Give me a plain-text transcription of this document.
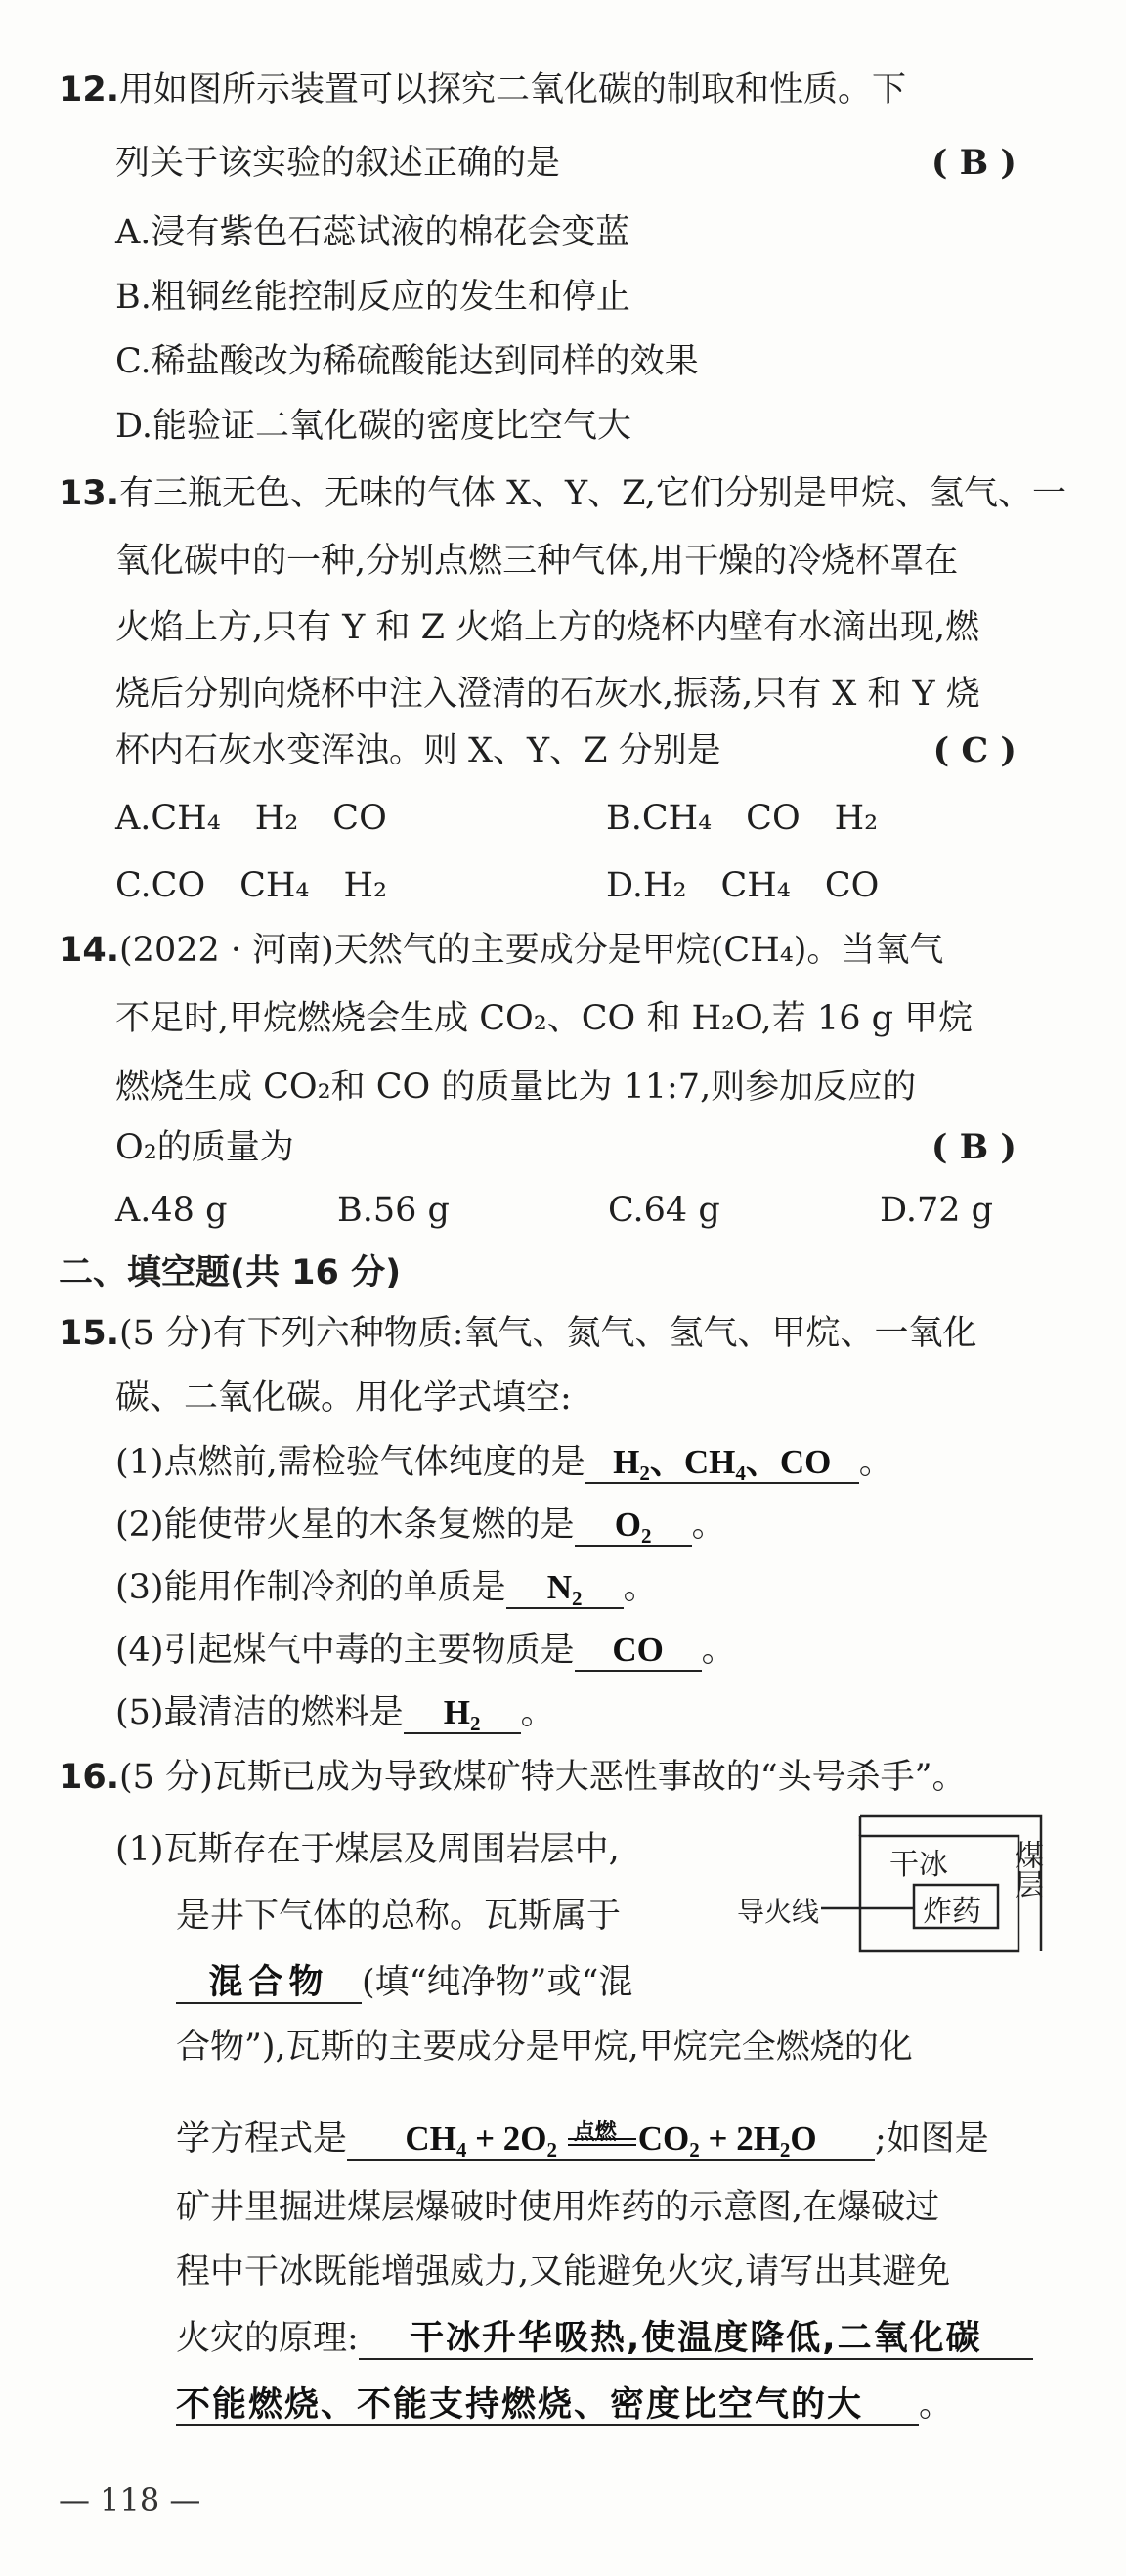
12.用如图所示装置可以探究二氧化碳的制取和性质。下
列关于该实验的叙述正确的是	( B )
A.浸有紫色石蕊试液的棉花会变蓝
B.粗铜丝能控制反应的发生和停止
C.稀盐酸改为稀硫酸能达到同样的效果
D.能验证二氧化碳的密度比空气大
13.有三瓶无色、无味的气体 X、Y、Z,它们分别是甲烷、氢气、一
氧化碳中的一种,分别点燃三种气体,用干燥的冷烧杯罩在
火焰上方,只有 Y 和 Z 火焰上方的烧杯内壁有水滴出现,燃
烧后分别向烧杯中注入澄清的石灰水,振荡,只有 X 和 Y 烧
杯内石灰水变浑浊。则 X、Y、Z 分别是	( C )
A.CH₄　H₂　CO	B.CH₄　CO　H₂
C.CO　CH₄　H₂	D.H₂　CH₄　CO
14.(2022 · 河南)天然气的主要成分是甲烷(CH₄)。当氧气
不足时,甲烷燃烧会生成 CO₂、CO 和 H₂O,若 16 g 甲烷
燃烧生成 CO₂和 CO 的质量比为 11:7,则参加反应的
O₂的质量为	( B )
A.48 g	B.56 g	C.64 g	D.72 g
二、填空题(共 16 分)
15.(5 分)有下列六种物质:氧气、氮气、氢气、甲烷、一氧化
碳、二氧化碳。用化学式填空:
(1)点燃前,需检验气体纯度的是 H₂、CH₄、CO 。
(2)能使带火星的木条复燃的是 O₂ 。
(3)能用作制冷剂的单质是 N₂ 。
(4)引起煤气中毒的主要物质是 CO 。
(5)最清洁的燃料是 H₂ 。
16.(5 分)瓦斯已成为导致煤矿特大恶性事故的“头号杀手”。
(1)瓦斯存在于煤层及周围岩层中,
是井下气体的总称。瓦斯属于
混合物 (填“纯净物”或“混
合物”),瓦斯的主要成分是甲烷,甲烷完全燃烧的化
学方程式是 CH₄ + 2O₂ 点燃 CO₂ + 2H₂O ;如图是
矿井里掘进煤层爆破时使用炸药的示意图,在爆破过
程中干冰既能增强威力,又能避免火灾,请写出其避免
火灾的原理: 干冰升华吸热,使温度降低,二氧化碳
不能燃烧、不能支持燃烧、密度比空气的大 。
干冰
炸药
导火线
煤层
— 118 —
